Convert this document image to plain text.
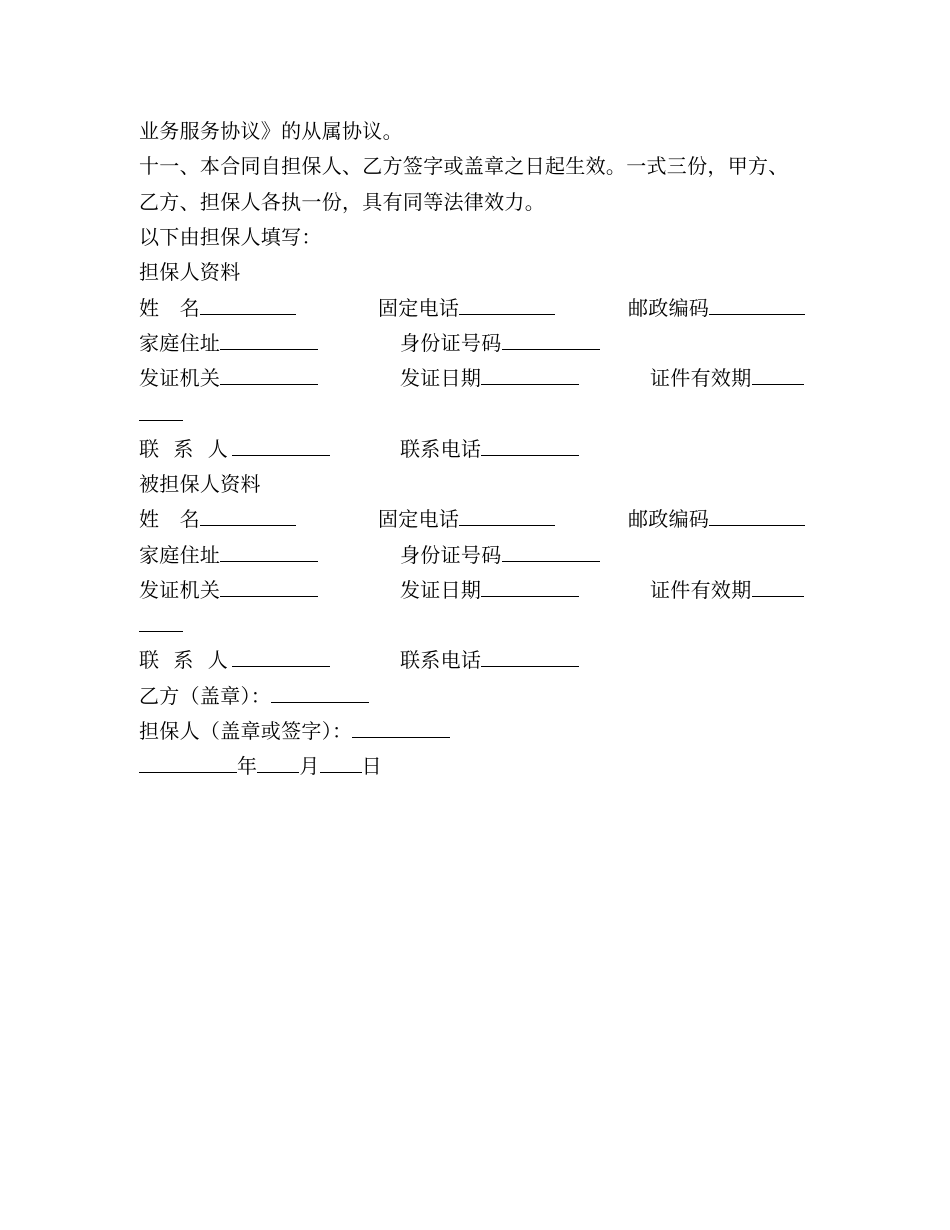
业务服务协议》的从属协议。
十一、本合同自担保人、乙方签字或盖章之日起生效。一式三份，甲方、
乙方、担保人各执一份，具有同等法律效力。
以下由担保人填写：
担保人资料
姓　名	固定电话	邮政编码
家庭住址	身份证号码
发证机关	发证日期	证件有效期
联 系 人	联系电话
被担保人资料
姓　名	固定电话	邮政编码
家庭住址	身份证号码
发证机关	发证日期	证件有效期
联 系 人	联系电话
乙方（盖章）：
担保人（盖章或签字）：
年 月 日
